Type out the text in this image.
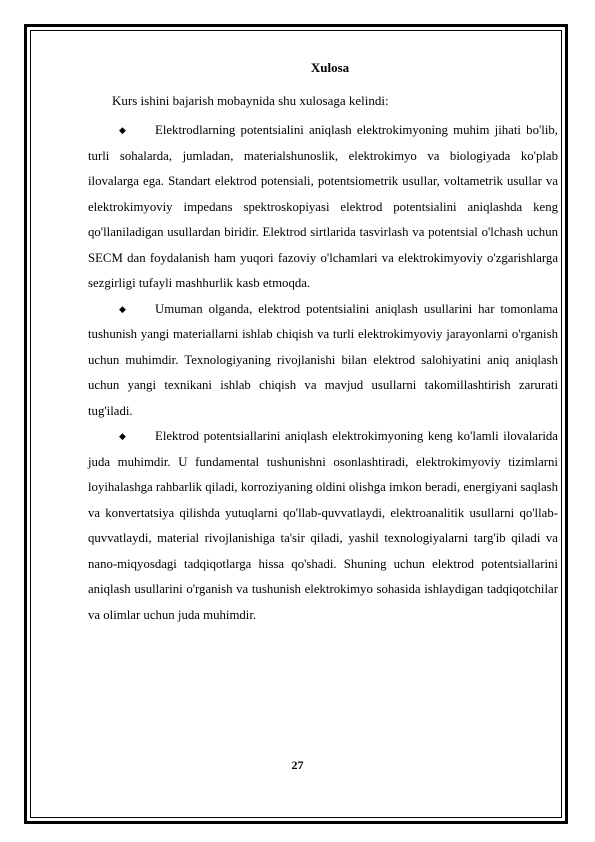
Xulosa
Kurs ishini bajarish mobaynida shu xulosaga kelindi:
◆	Elektrodlarning potentsialini aniqlash elektrokimyoning muhim jihati bo'lib, turli sohalarda, jumladan, materialshunoslik, elektrokimyo va biologiyada ko'plab ilovalarga ega. Standart elektrod potensiali, potentsiometrik usullar, voltametrik usullar va elektrokimyoviy impedans spektroskopiyasi elektrod potentsialini aniqlashda keng qo'llaniladigan usullardan biridir. Elektrod sirtlarida tasvirlash va potentsial o'lchash uchun SECM dan foydalanish ham yuqori fazoviy o'lchamlari va elektrokimyoviy o'zgarishlarga sezgirligi tufayli mashhurlik kasb etmoqda.

◆	Umuman olganda, elektrod potentsialini aniqlash usullarini har tomonlama tushunish yangi materiallarni ishlab chiqish va turli elektrokimyoviy jarayonlarni o'rganish uchun muhimdir. Texnologiyaning rivojlanishi bilan elektrod salohiyatini aniq aniqlash uchun yangi texnikani ishlab chiqish va mavjud usullarni takomillashtirish zarurati tug'iladi.

◆	Elektrod potentsiallarini aniqlash elektrokimyoning keng ko'lamli ilovalarida juda muhimdir. U fundamental tushunishni osonlashtiradi, elektrokimyoviy tizimlarni loyihalashga rahbarlik qiladi, korroziyaning oldini olishga imkon beradi, energiyani saqlash va konvertatsiya qilishda yutuqlarni qo'llab-quvvatlaydi, elektroanalitik usullarni qo'llab-quvvatlaydi, material rivojlanishiga ta'sir qiladi, yashil texnologiyalarni targ'ib qiladi va nano-miqyosdagi tadqiqotlarga hissa qo'shadi. Shuning uchun elektrod potentsiallarini aniqlash usullarini o'rganish va tushunish elektrokimyo sohasida ishlaydigan tadqiqotchilar va olimlar uchun juda muhimdir.

27
